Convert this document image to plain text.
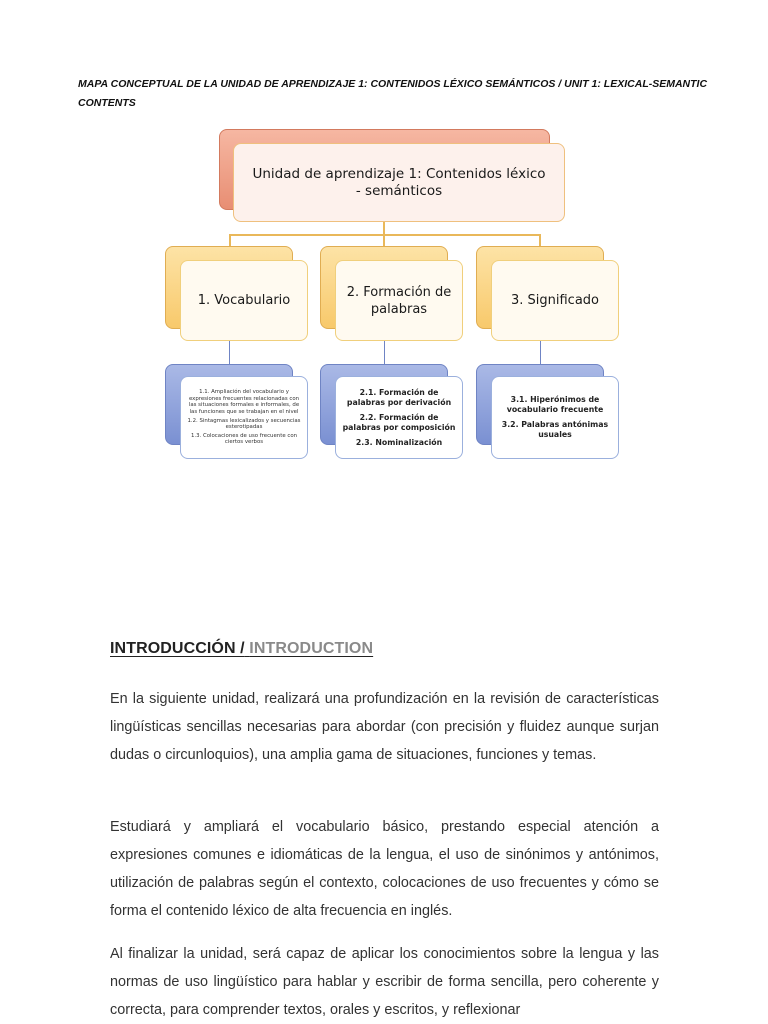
MAPA CONCEPTUAL DE LA UNIDAD DE APRENDIZAJE 1: CONTENIDOS LÉXICO SEMÁNTICOS / UNIT 1: LEXICAL-SEMANTIC CONTENTS
Unidad de aprendizaje 1: Contenidos léxico - semánticos
1. Vocabulario
2. Formación de palabras
3. Significado
1.1. Ampliación del vocabulario y expresiones frecuentes relacionadas con las situaciones formales e informales, de las funciones que se trabajan en el nivel
1.2. Sintagmas lexicalizados y secuencias esterotipadas
1.3. Colocaciones de uso frecuente con ciertos verbos
2.1. Formación de palabras por derivación
2.2. Formación de palabras por composición
2.3. Nominalización
3.1. Hiperónimos de vocabulario frecuente
3.2. Palabras antónimas usuales
INTRODUCCIÓN / INTRODUCTION

En la siguiente unidad, realizará una profundización en la revisión de características lingüísticas sencillas necesarias para abordar (con precisión y fluidez aunque surjan dudas o circunloquios), una amplia gama de situaciones, funciones y temas.

Estudiará y ampliará el vocabulario básico, prestando especial atención a expresiones comunes e idiomáticas de la lengua, el uso de sinónimos y antónimos, utilización de palabras según el contexto, colocaciones de uso frecuentes y cómo se forma el contenido léxico de alta frecuencia en inglés.

Al finalizar la unidad, será capaz de aplicar los conocimientos sobre la lengua y las normas de uso lingüístico para hablar y escribir de forma sencilla, pero coherente y correcta, para comprender textos, orales y escritos, y reflexionar
